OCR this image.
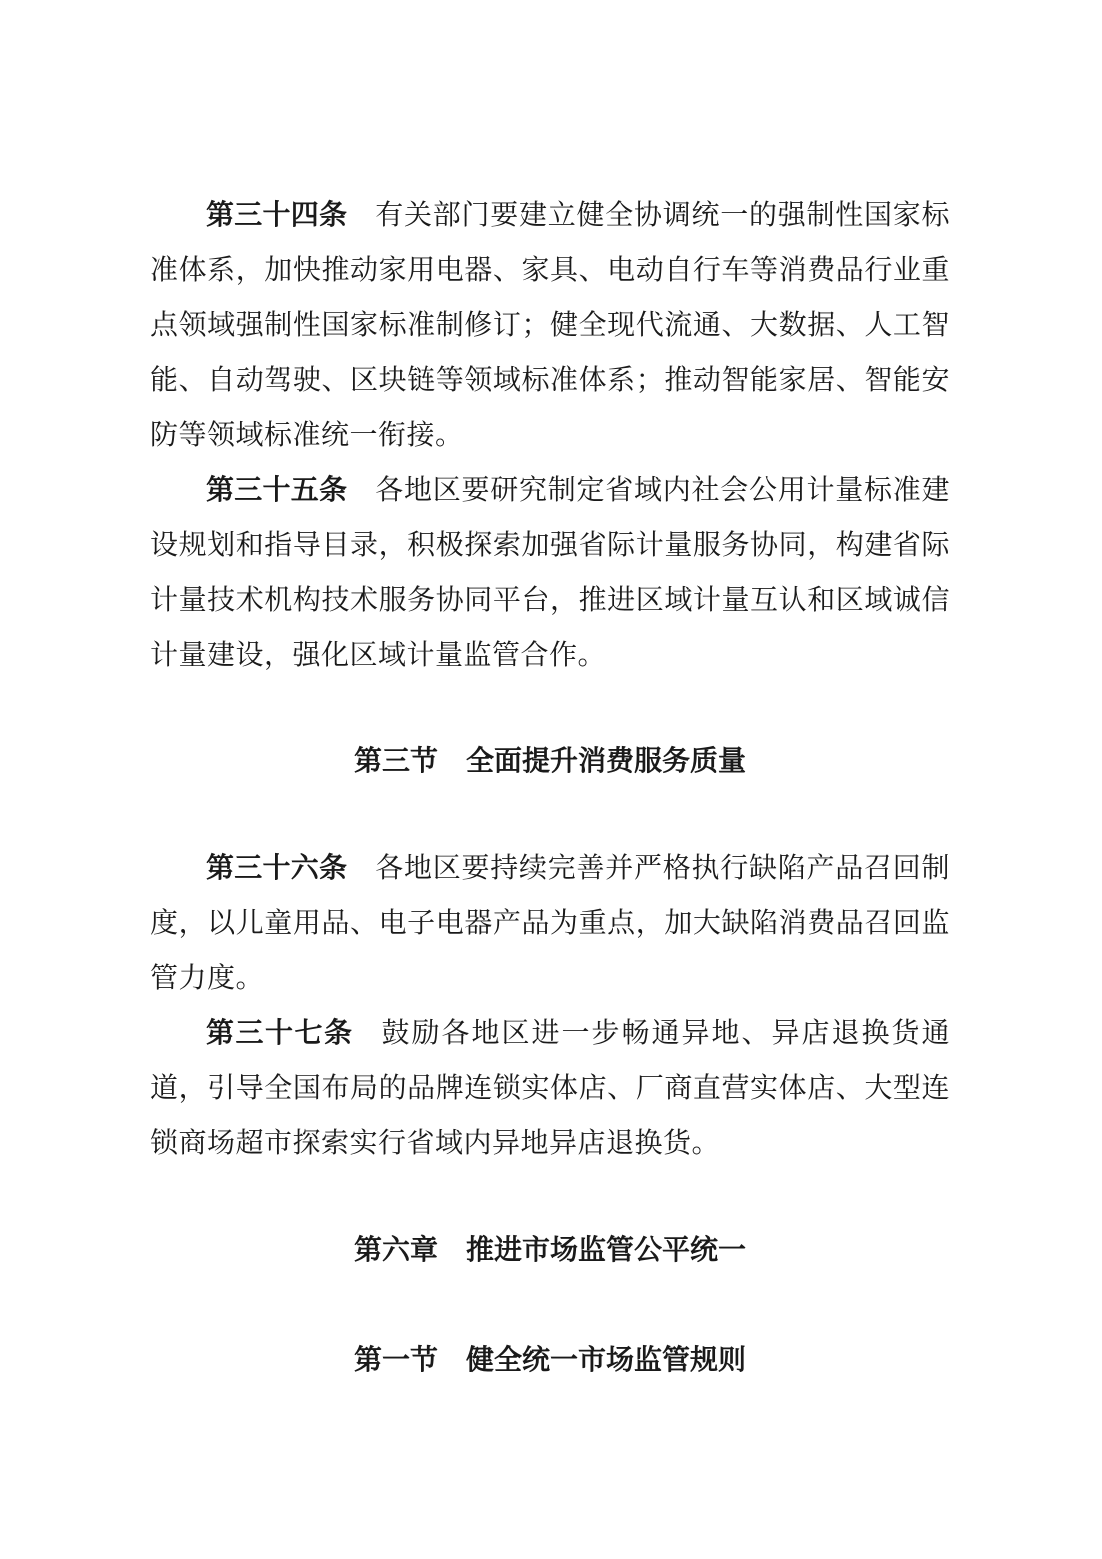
第三十四条 有关部门要建立健全协调统一的强制性国家标准体系，加快推动家用电器、家具、电动自行车等消费品行业重点领域强制性国家标准制修订；健全现代流通、大数据、人工智能、自动驾驶、区块链等领域标准体系；推动智能家居、智能安防等领域标准统一衔接。

第三十五条 各地区要研究制定省域内社会公用计量标准建设规划和指导目录，积极探索加强省际计量服务协同，构建省际计量技术机构技术服务协同平台，推进区域计量互认和区域诚信计量建设，强化区域计量监管合作。

第三节 全面提升消费服务质量

第三十六条 各地区要持续完善并严格执行缺陷产品召回制度，以儿童用品、电子电器产品为重点，加大缺陷消费品召回监管力度。

第三十七条 鼓励各地区进一步畅通异地、异店退换货通道，引导全国布局的品牌连锁实体店、厂商直营实体店、大型连锁商场超市探索实行省域内异地异店退换货。

第六章 推进市场监管公平统一
第一节 健全统一市场监管规则
